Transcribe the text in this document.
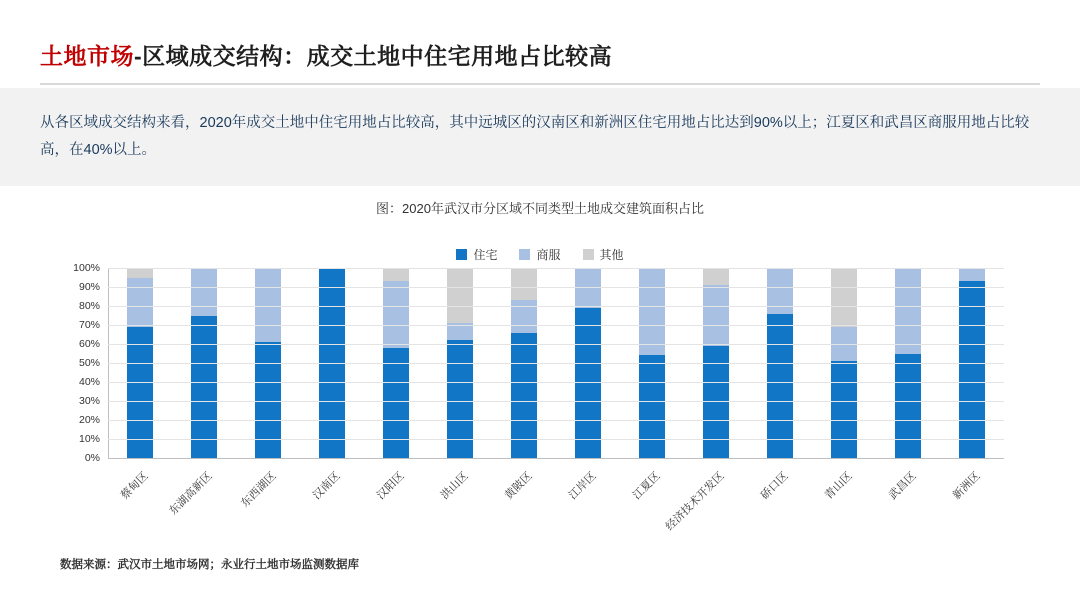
土地市场-区域成交结构：成交土地中住宅用地占比较高
从各区域成交结构来看，2020年成交土地中住宅用地占比较高，其中远城区的汉南区和新洲区住宅用地占比达到90%以上；江夏区和武昌区商服用地占比较高，在40%以上。
图：2020年武汉市分区域不同类型土地成交建筑面积占比
住宅	商服	其他
0%
10%
20%
30%
40%
50%
60%
70%
80%
90%
100%
蔡甸区 东湖高新区 东西湖区	汉南区	汉阳区	洪山区	黄陂区	江岸区	江夏区 经济技术开发区	硚口区	青山区	武昌区	新洲区
数据来源：武汉市土地市场网；永业行土地市场监测数据库
